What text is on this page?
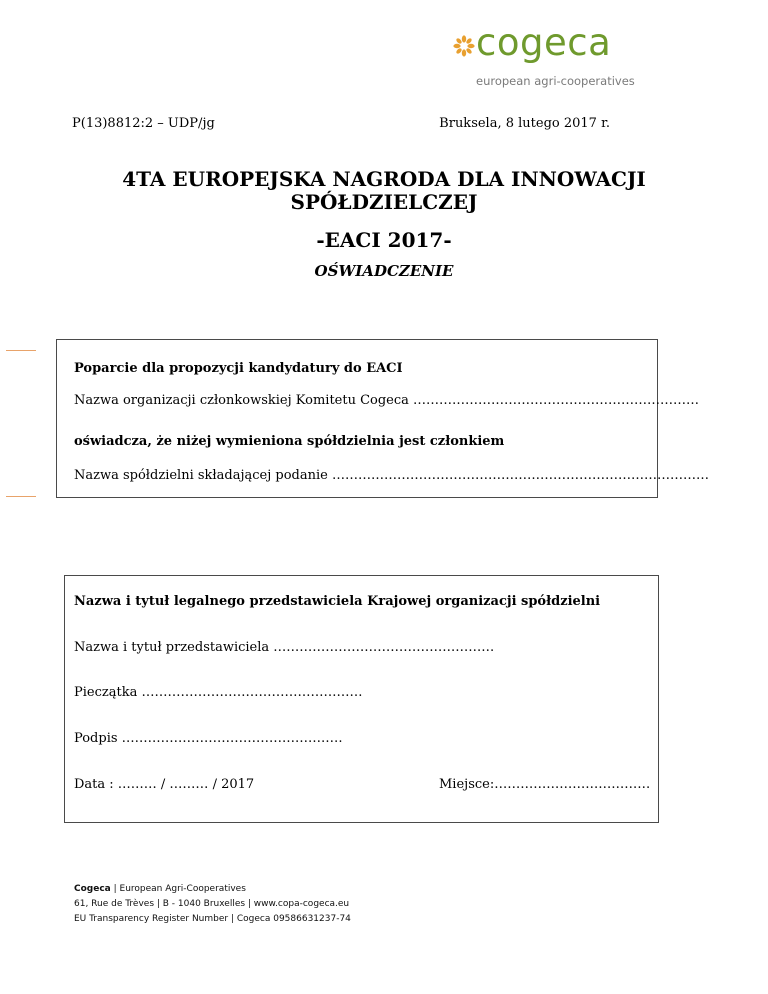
cogeca
european agri-cooperatives
P(13)8812:2 – UDP/jg	Bruksela, 8 lutego 2017 r.
4TA EUROPEJSKA NAGRODA DLA INNOWACJI
SPÓŁDZIELCZEJ
-EACI 2017-
OŚWIADCZENIE
Poparcie dla propozycji kandydatury do EACI
Nazwa organizacji członkowskiej Komitetu Cogeca …………………………………………………………
oświadcza, że niżej wymieniona spółdzielnia jest członkiem
Nazwa spółdzielni składającej podanie ……………………………………………………………………………
Nazwa i tytuł legalnego przedstawiciela Krajowej organizacji spółdzielni
Nazwa i tytuł przedstawiciela ……………………………………………
Pieczątka ……………………………………………
Podpis ……………………………………………
Data : ……… / ……… / 2017	Miejsce:………………………………
Cogeca | European Agri-Cooperatives
61, Rue de Trèves | B - 1040 Bruxelles | www.copa-cogeca.eu
EU Transparency Register Number | Cogeca 09586631237-74
